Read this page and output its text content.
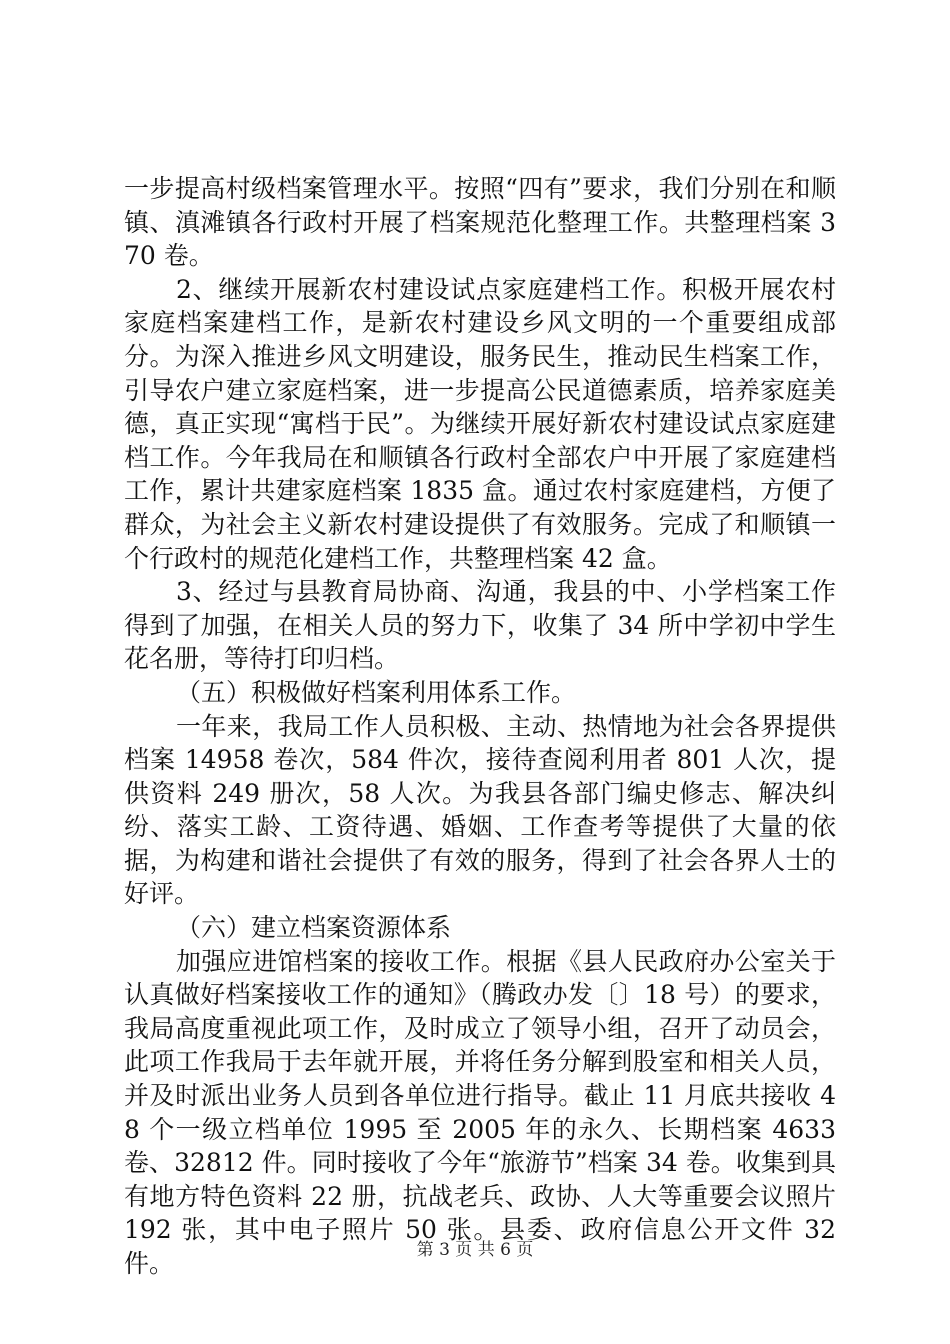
一步提高村级档案管理水平。按照“四有”要求，我们分别在和顺镇、滇滩镇各行政村开展了档案规范化整理工作。共整理档案 370 卷。

2、继续开展新农村建设试点家庭建档工作。积极开展农村家庭档案建档工作，是新农村建设乡风文明的一个重要组成部分。为深入推进乡风文明建设，服务民生，推动民生档案工作，引导农户建立家庭档案，进一步提高公民道德素质，培养家庭美德，真正实现“寓档于民”。为继续开展好新农村建设试点家庭建档工作。今年我局在和顺镇各行政村全部农户中开展了家庭建档工作，累计共建家庭档案 1835 盒。通过农村家庭建档，方便了群众，为社会主义新农村建设提供了有效服务。完成了和顺镇一个行政村的规范化建档工作，共整理档案 42 盒。

3、经过与县教育局协商、沟通，我县的中、小学档案工作得到了加强，在相关人员的努力下，收集了 34 所中学初中学生花名册，等待打印归档。

（五）积极做好档案利用体系工作。

一年来，我局工作人员积极、主动、热情地为社会各界提供档案 14958 卷次，584 件次，接待查阅利用者 801 人次，提供资料 249 册次，58 人次。为我县各部门编史修志、解决纠纷、落实工龄、工资待遇、婚姻、工作查考等提供了大量的依据，为构建和谐社会提供了有效的服务，得到了社会各界人士的好评。

（六）建立档案资源体系

加强应进馆档案的接收工作。根据《县人民政府办公室关于认真做好档案接收工作的通知》（腾政办发〔〕18 号）的要求，我局高度重视此项工作，及时成立了领导小组，召开了动员会，此项工作我局于去年就开展，并将任务分解到股室和相关人员，并及时派出业务人员到各单位进行指导。截止 11 月底共接收 48 个一级立档单位 1995 至 2005 年的永久、长期档案 4633 卷、32812 件。同时接收了今年“旅游节”档案 34 卷。收集到具有地方特色资料 22 册，抗战老兵、政协、人大等重要会议照片 192 张，其中电子照片 50 张。县委、政府信息公开文件 32 件。	第 3 页 共 6 页
